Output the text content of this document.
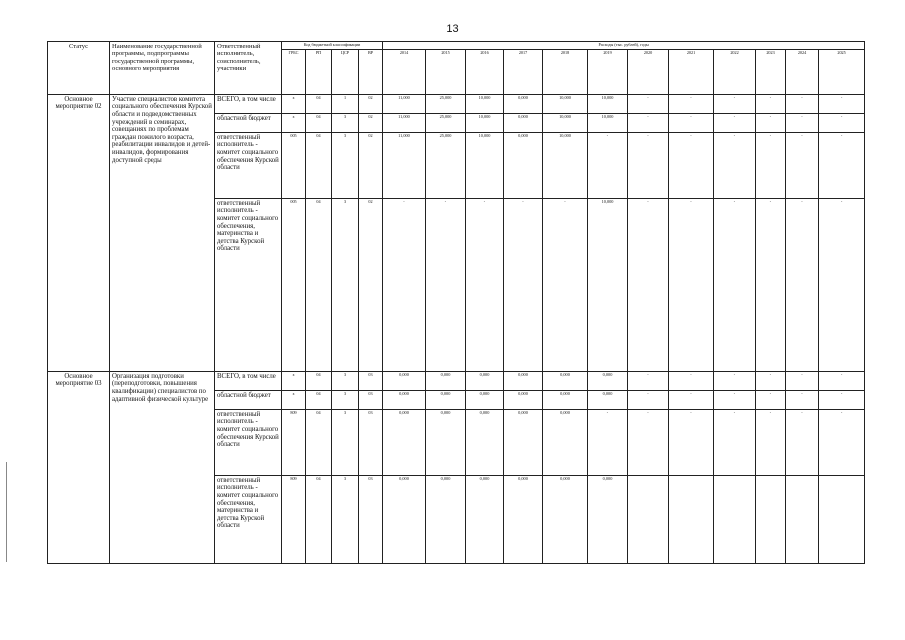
13
Статус	Наименование государственной программы, подпрограммы государственной программы, основного мероприятия	Ответственный исполнитель, соисполнитель, участники	Код бюджетной классификации				Расходы (тыс. рублей), годы											
			ГРБС	РП	ЦСР	ВР	2014	2015	2016	2017	2018	2019	2020	2021	2022	2023	2024	2025
Основное мероприятие 02	Участие специалистов комитета социального обеспечения Курской области и подведомственных учреждений в семинарах, совещаниях по проблемам граждан пожилого возраста, реабилитации инвалидов и детей-инвалидов, формирования доступной среды	ВСЕГО, в том числе	х	04	1	02	11,000	25,000	10,000	0,000	10,000	10,000	-	-	-	-	-	-
		областной бюджет	х	04	3	02	11,000	25,000	10,000	0,000	10,000	10,000	-	-	-	-	-	-
		ответственный исполнитель - комитет социального обеспечения Курской области	005	04	3	02	11,000	25,000	10,000	0,000	10,000	-	-	-	-	-	-	-
		ответственный исполнитель - комитет социального обеспечения, материнства и детства Курской области	005	04	3	02	-	-	-	-	-	10,000	-	-	-	-	-	-
Основное мероприятие 03	Организация подготовки (переподготовки, повышения квалификации) специалистов по адаптивной физической культуре	ВСЕГО, в том числе	х	04	3	03	0,000	0,000	0,000	0,000	0,000	0,000	-	-	-	-	-	-
		областной бюджет	х	04	3	03	0,000	0,000	0,000	0,000	0,000	0,000	-	-	-	-	-	-
		ответственный исполнитель - комитет социального обеспечения Курской области	809	04	3	03	0,000	0,000	0,000	0,000	0,000	-	-	-	-	-	-	-
		ответственный исполнитель - комитет социального обеспечения, материнства и детства Курской области	809	04	3	03	0,000	0,000	0,000	0,000	0,000	0,000						
